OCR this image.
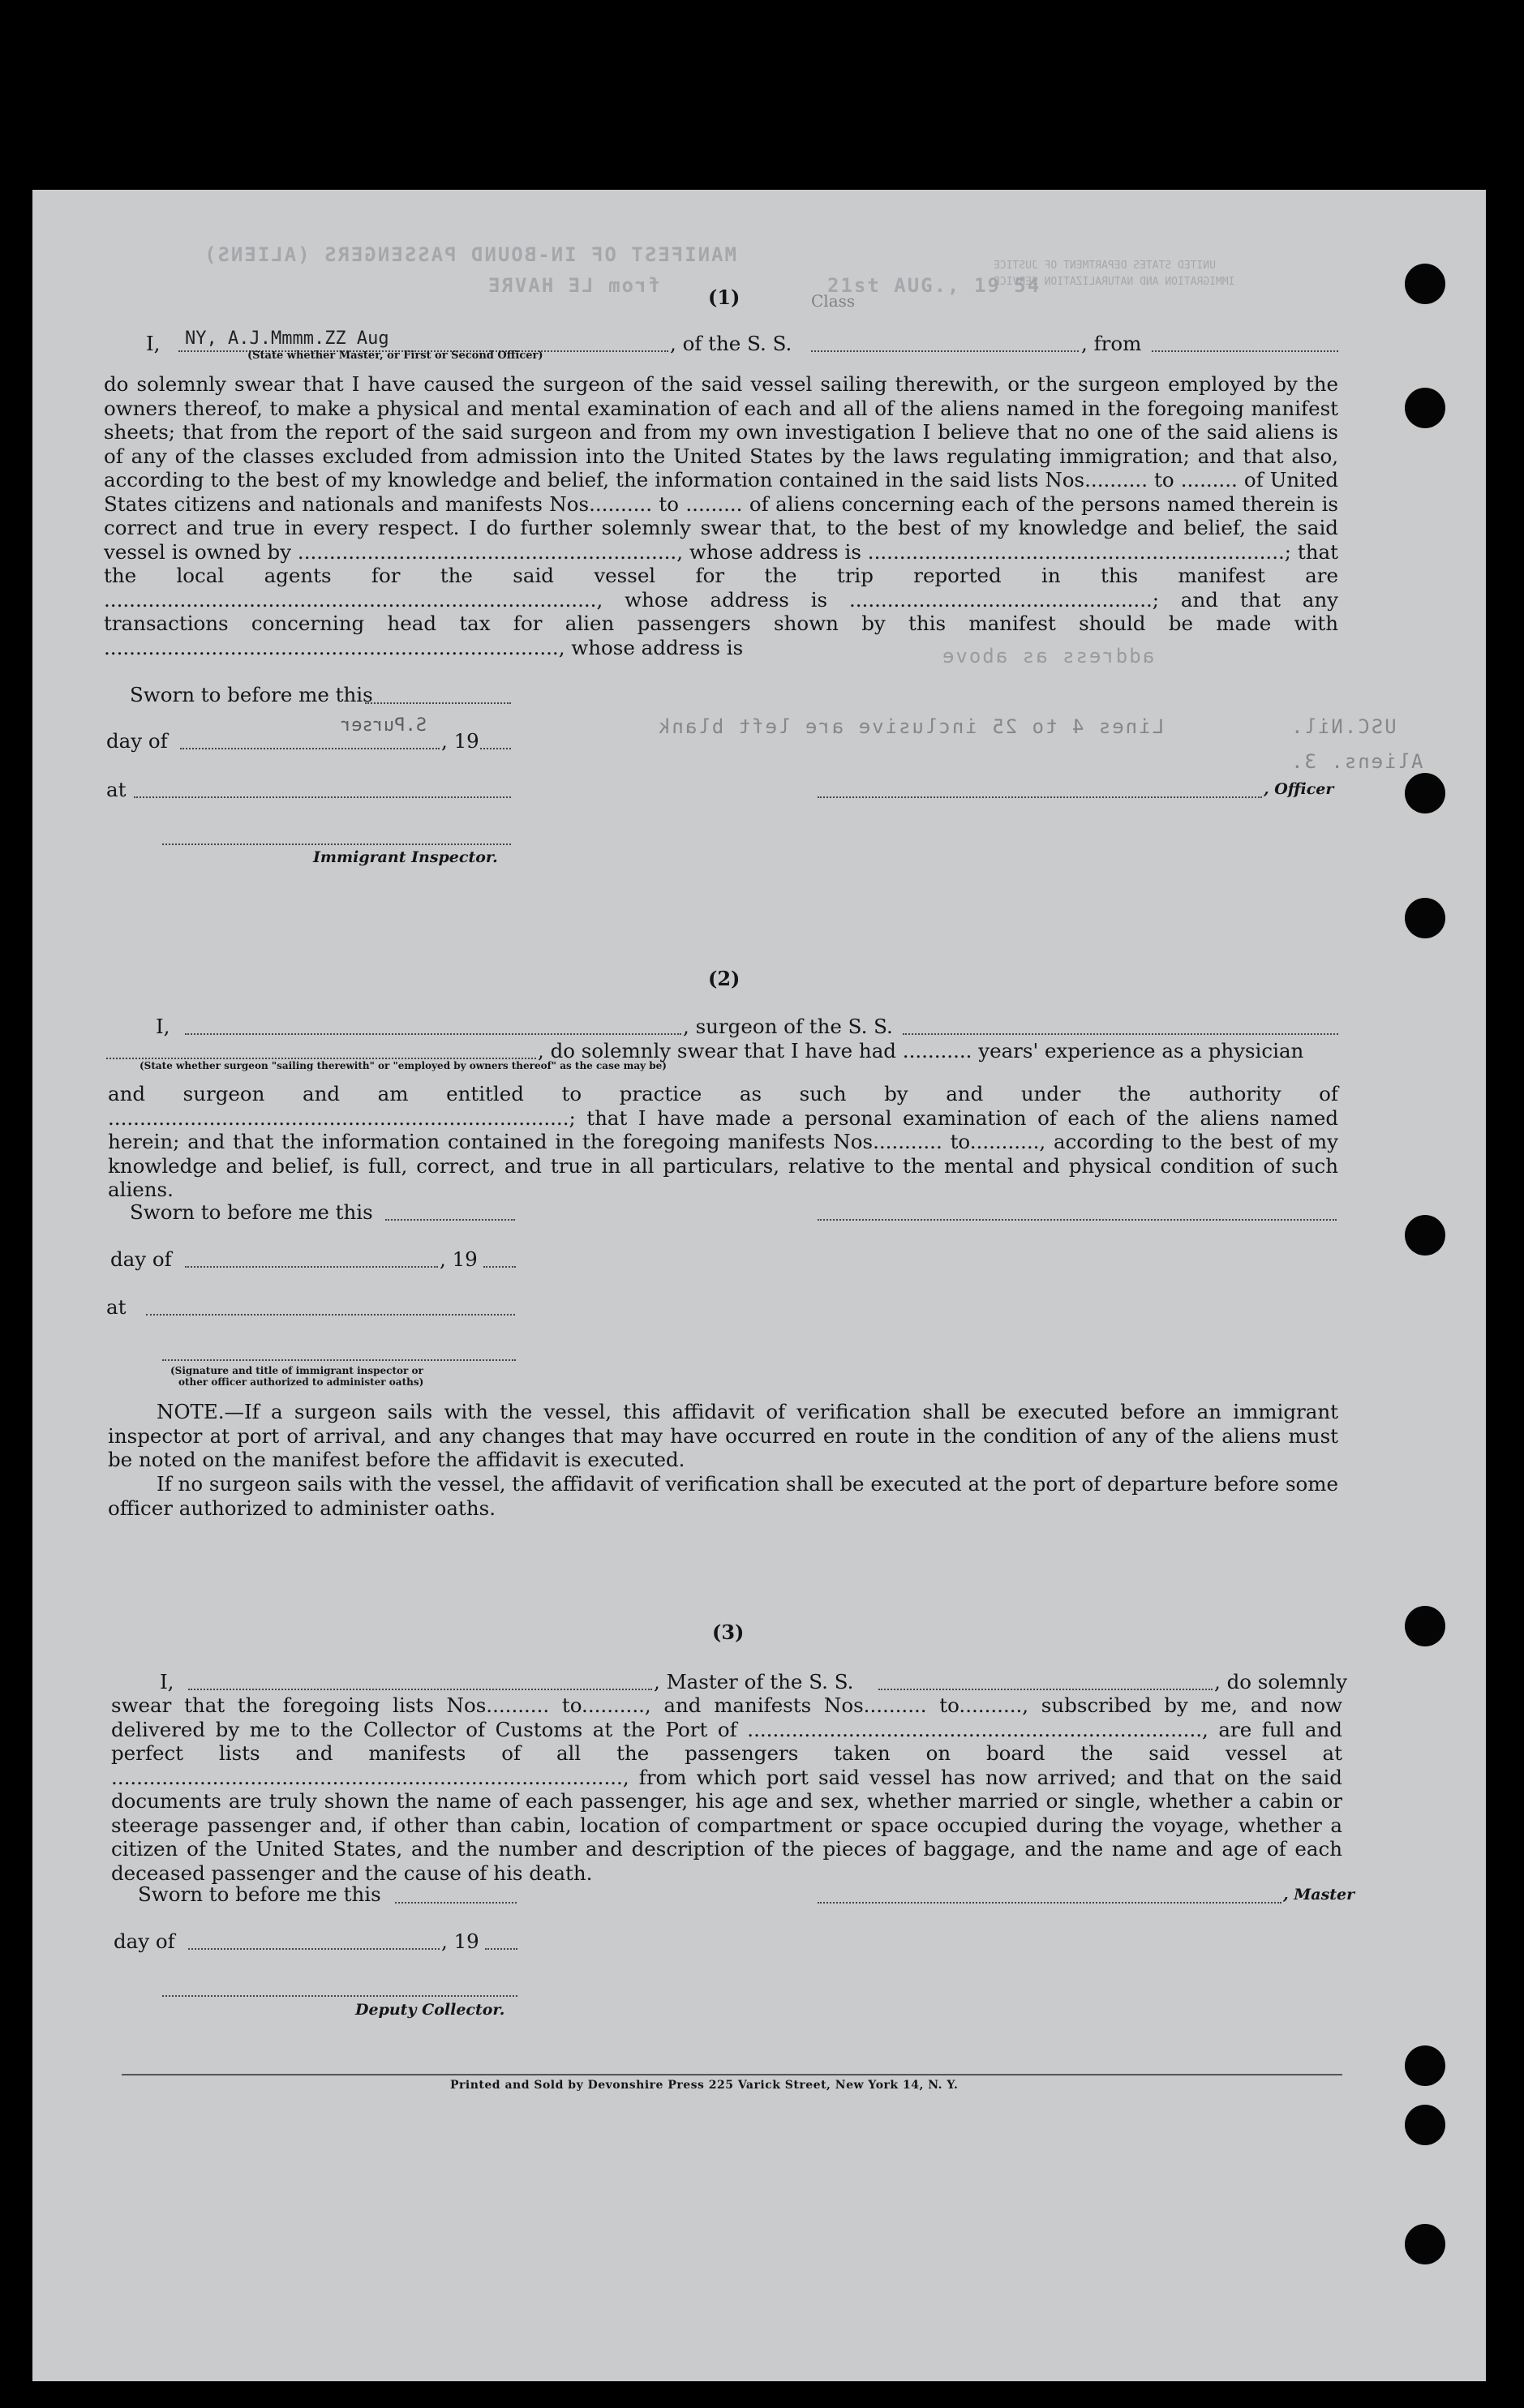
MANIFEST OF IN-BOUND PASSENGERS (ALIENS)
21st AUG., 19 54
from LE HAVRE
UNITED STATES DEPARTMENT OF JUSTICE
IMMIGRATION AND NATURALIZATION SERVICE
Class
(1)
I, NY, A.J.Mmmm.ZZ Aug	, of the S. S.	, from
(State whether Master, or First or Second Officer)
do solemnly swear that I have caused the surgeon of the said vessel sailing therewith, or the surgeon employed by the owners thereof, to make a physical and mental examination of each and all of the aliens named in the foregoing manifest sheets; that from the report of the said surgeon and from my own investigation I believe that no one of the said aliens is of any of the classes excluded from admission into the United States by the laws regulating immigration; and that also, according to the best of my knowledge and belief, the information contained in the said lists Nos.......... to ......... of United States citizens and nationals and manifests Nos.......... to ......... of aliens concerning each of the persons named therein is correct and true in every respect. I do further solemnly swear that, to the best of my knowledge and belief, the said vessel is owned by ............................................................, whose address is ..................................................................; that the local agents for the said vessel for the trip reported in this manifest are .............................................................................., whose address is ................................................; and that any transactions concerning head tax for alien passengers shown by this manifest should be made with ........................................................................, whose address is
Sworn to before me this
day of
S.Purser
, 19
at	, Officer
Immigrant Inspector.
Lines 4 to 25 inclusive are left blank	USC.Nil.
Aliens. 3.
address as above
(2)
I,	, surgeon of the S. S.
, do solemnly swear that I have had ........... years' experience as a physician
(State whether surgeon "sailing therewith" or "employed by owners thereof" as the case may be)
and surgeon and am entitled to practice as such by and under the authority of .........................................................................; that I have made a personal examination of each of the aliens named herein; and that the information contained in the foregoing manifests Nos........... to..........., according to the best of my knowledge and belief, is full, correct, and true in all particulars, relative to the mental and physical condition of such aliens.
Sworn to before me this
day of	, 19
at
(Signature and title of immigrant inspector or
other officer authorized to administer oaths)
NOTE.—If a surgeon sails with the vessel, this affidavit of verification shall be executed before an immigrant inspector at port of arrival, and any changes that may have occurred en route in the condition of any of the aliens must be noted on the manifest before the affidavit is executed.
If no surgeon sails with the vessel, the affidavit of verification shall be executed at the port of departure before some officer authorized to administer oaths.
(3)
I,	, Master of the S. S.	, do solemnly
swear that the foregoing lists Nos.......... to.........., and manifests Nos.......... to.........., subscribed by me, and now delivered by me to the Collector of Customs at the Port of ........................................................................, are full and perfect lists and manifests of all the passengers taken on board the said vessel at ................................................................................., from which port said vessel has now arrived; and that on the said documents are truly shown the name of each passenger, his age and sex, whether married or single, whether a cabin or steerage passenger and, if other than cabin, location of compartment or space occupied during the voyage, whether a citizen of the United States, and the number and description of the pieces of baggage, and the name and age of each deceased passenger and the cause of his death.
Sworn to before me this	, Master
day of	, 19
Deputy Collector.
Printed and Sold by Devonshire Press 225 Varick Street, New York 14, N. Y.
